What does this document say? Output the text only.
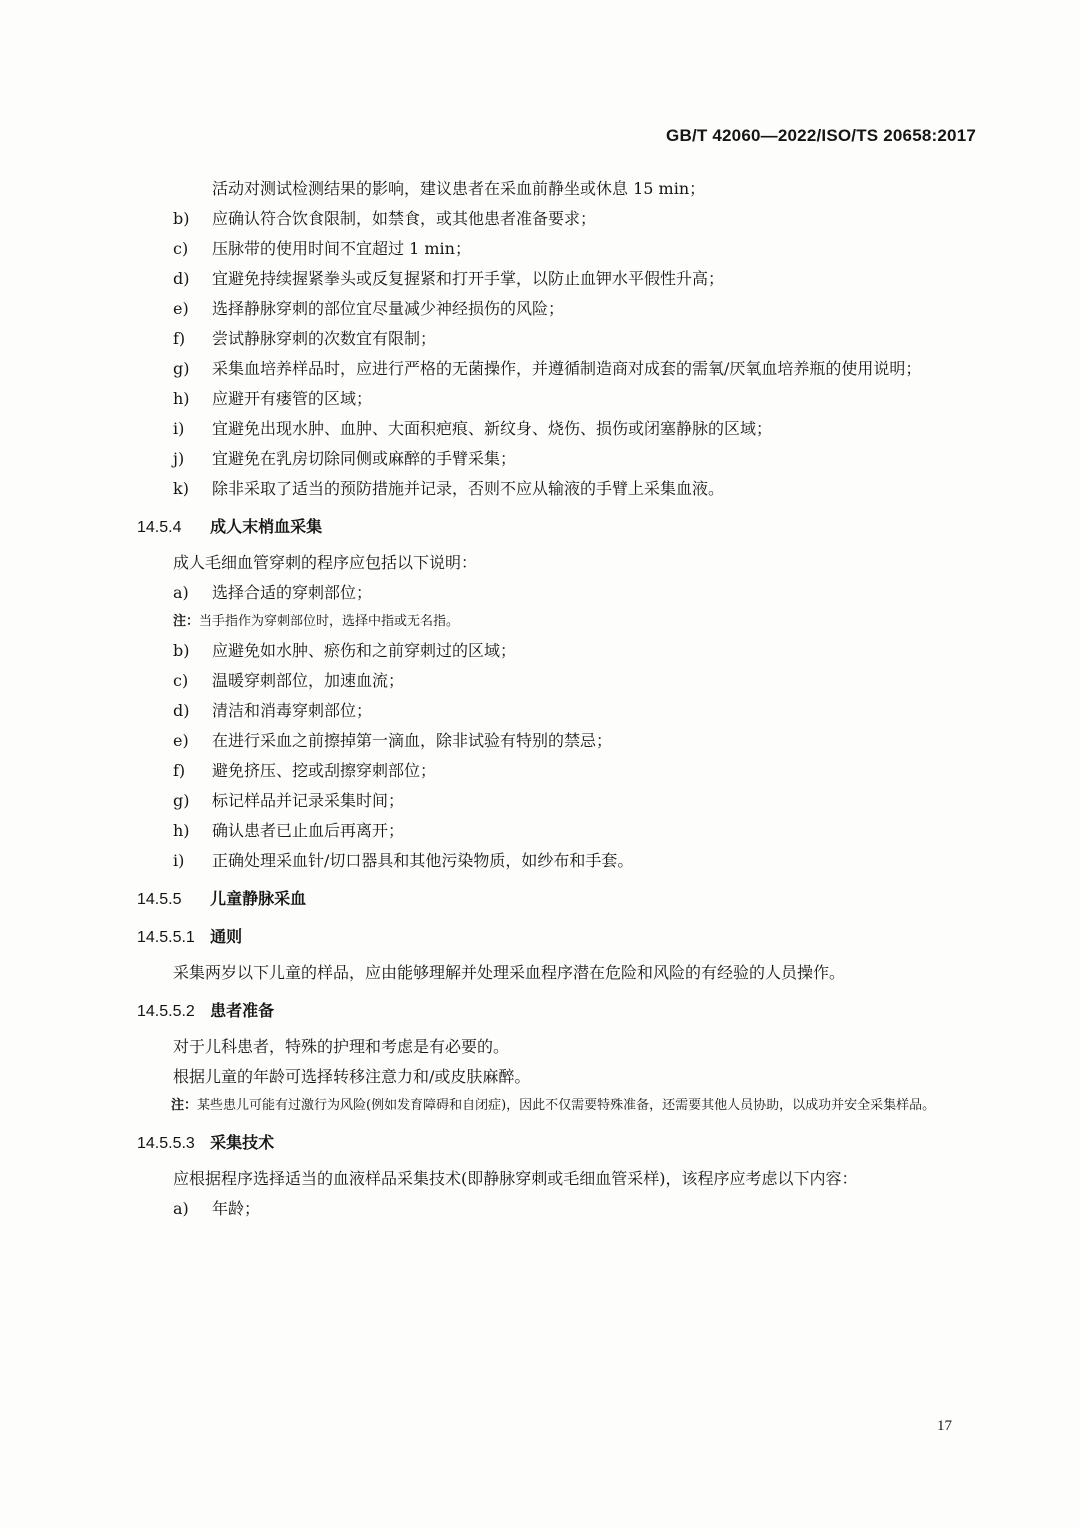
GB/T 42060—2022/ISO/TS 20658:2017
活动对测试检测结果的影响，建议患者在采血前静坐或休息 15 min；
b) 应确认符合饮食限制，如禁食，或其他患者准备要求；
c) 压脉带的使用时间不宜超过 1 min；
d) 宜避免持续握紧拳头或反复握紧和打开手掌，以防止血钾水平假性升高；
e) 选择静脉穿刺的部位宜尽量减少神经损伤的风险；
f) 尝试静脉穿刺的次数宜有限制；
g) 采集血培养样品时，应进行严格的无菌操作，并遵循制造商对成套的需氧/厌氧血培养瓶的使用说明；
h) 应避开有瘘管的区域；
i) 宜避免出现水肿、血肿、大面积疤痕、新纹身、烧伤、损伤或闭塞静脉的区域；
j) 宜避免在乳房切除同侧或麻醉的手臂采集；
k) 除非采取了适当的预防措施并记录，否则不应从输液的手臂上采集血液。
14.5.4 成人末梢血采集
成人毛细血管穿刺的程序应包括以下说明：
a) 选择合适的穿刺部位；
注：当手指作为穿刺部位时，选择中指或无名指。
b) 应避免如水肿、瘀伤和之前穿刺过的区域；
c) 温暖穿刺部位，加速血流；
d) 清洁和消毒穿刺部位；
e) 在进行采血之前擦掉第一滴血，除非试验有特别的禁忌；
f) 避免挤压、挖或刮擦穿刺部位；
g) 标记样品并记录采集时间；
h) 确认患者已止血后再离开；
i) 正确处理采血针/切口器具和其他污染物质，如纱布和手套。
14.5.5 儿童静脉采血
14.5.5.1 通则
采集两岁以下儿童的样品，应由能够理解并处理采血程序潜在危险和风险的有经验的人员操作。
14.5.5.2 患者准备
对于儿科患者，特殊的护理和考虑是有必要的。
根据儿童的年龄可选择转移注意力和/或皮肤麻醉。
注：某些患儿可能有过激行为风险(例如发育障碍和自闭症)，因此不仅需要特殊准备，还需要其他人员协助，以成功并安全采集样品。
14.5.5.3 采集技术
应根据程序选择适当的血液样品采集技术(即静脉穿刺或毛细血管采样)，该程序应考虑以下内容：
a) 年龄；
17
